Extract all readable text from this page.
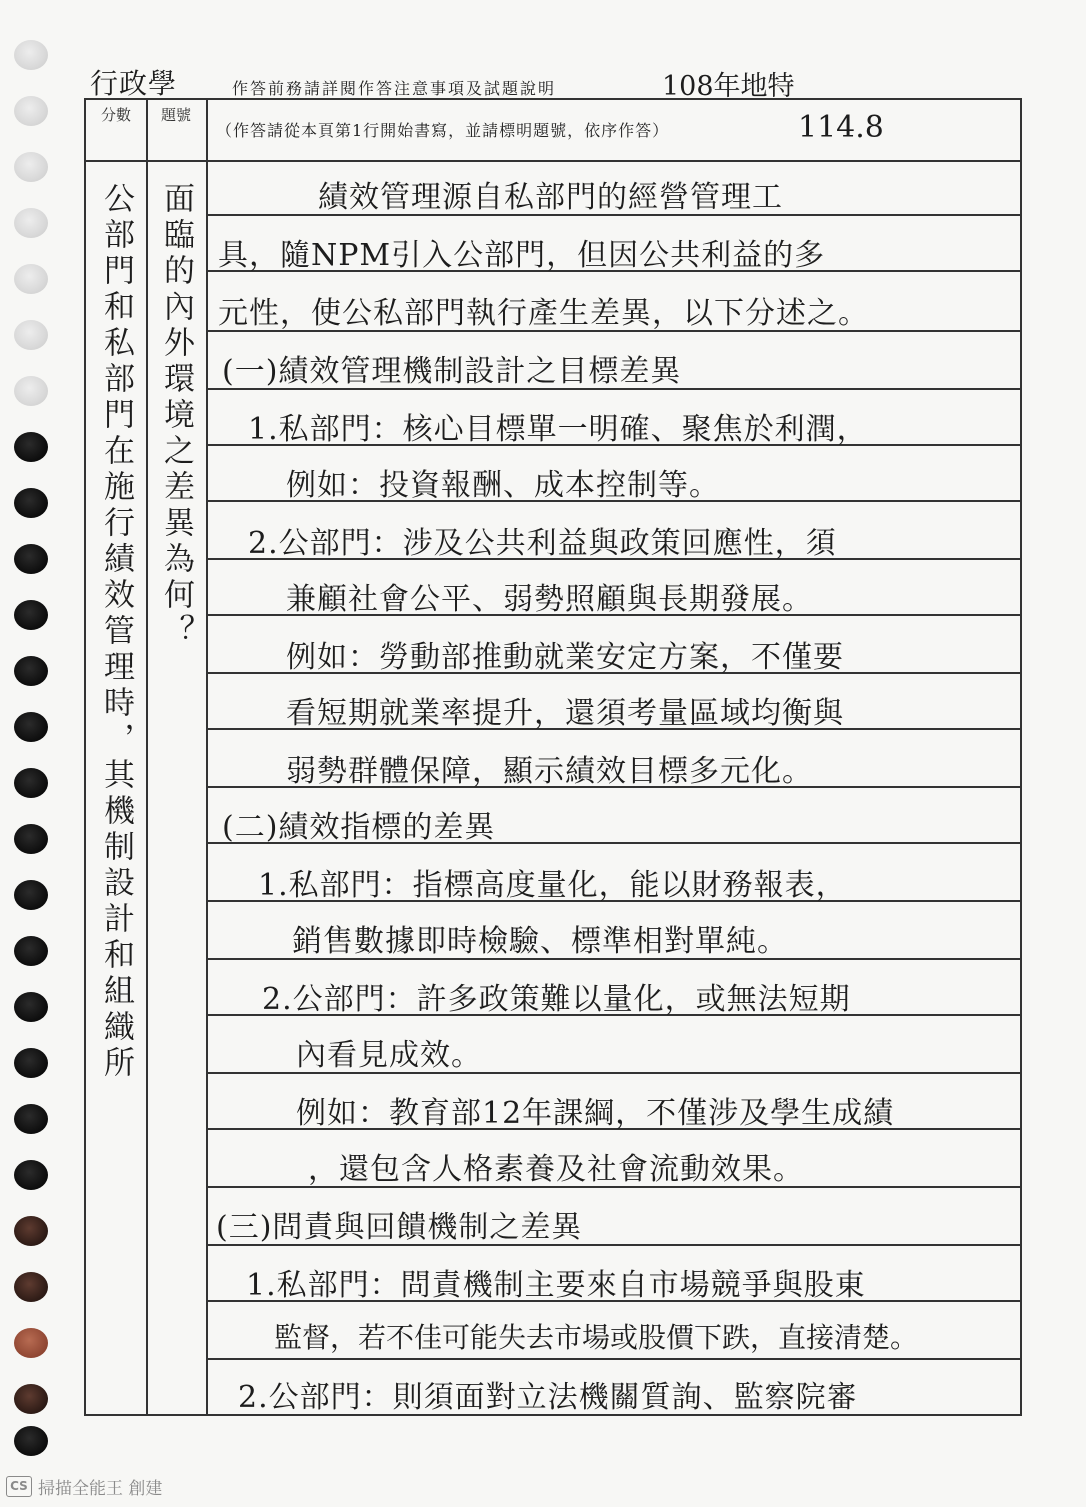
行政學	作答前務請詳閱作答注意事項及試題說明	108年地特
分數 題號
（作答請從本頁第1行開始書寫，並請標明題號，依序作答）	114.8
公部門和私部門在施行績效管理時，其機制設計和組織所 面臨的內外環境之差異為何？	績效管理源自私部門的經營管理工
具，隨NPM引入公部門，但因公共利益的多
元性，使公私部門執行產生差異，以下分述之。
(一)績效管理機制設計之目標差異
1.私部門：核心目標單一明確、聚焦於利潤，
例如：投資報酬、成本控制等。
2.公部門：涉及公共利益與政策回應性，須
兼顧社會公平、弱勢照顧與長期發展。
例如：勞動部推動就業安定方案，不僅要
看短期就業率提升，還須考量區域均衡與
弱勢群體保障，顯示績效目標多元化。
(二)績效指標的差異
1.私部門：指標高度量化，能以財務報表，
銷售數據即時檢驗、標準相對單純。
2.公部門：許多政策難以量化，或無法短期
內看見成效。
例如：教育部12年課綱，不僅涉及學生成績
，還包含人格素養及社會流動效果。
(三)問責與回饋機制之差異
1.私部門：問責機制主要來自市場競爭與股東
監督，若不佳可能失去市場或股價下跌，直接清楚。
2.公部門：則須面對立法機關質詢、監察院審
CS 掃描全能王 創建
